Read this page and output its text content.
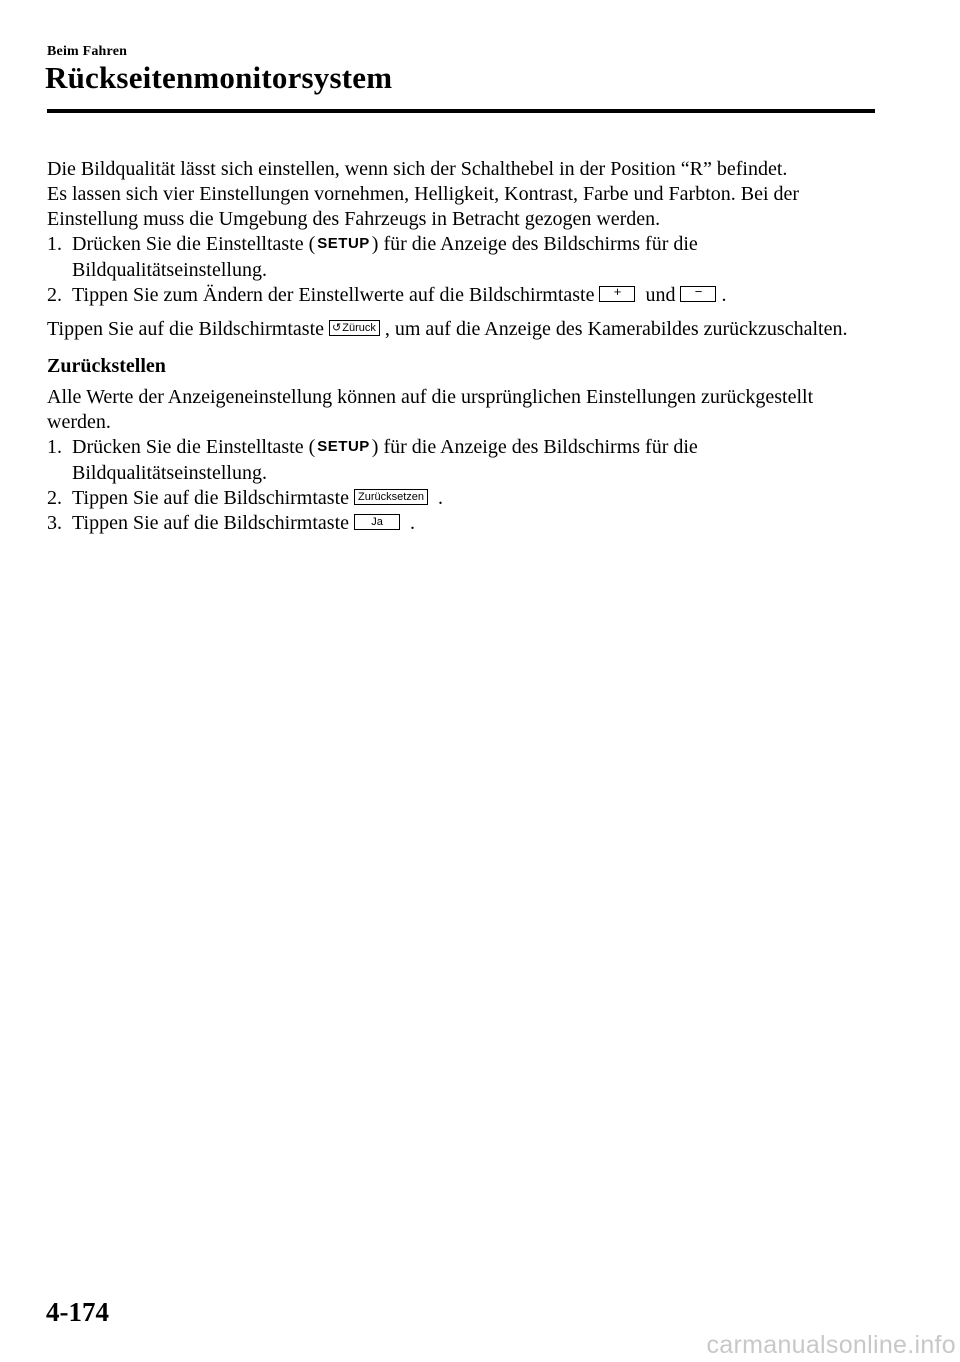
Beim Fahren
Rückseitenmonitorsystem

Die Bildqualität lässt sich einstellen, wenn sich der Schalthebel in der Position “R” befindet.

Es lassen sich vier Einstellungen vornehmen, Helligkeit, Kontrast, Farbe und Farbton. Bei der Einstellung muss die Umgebung des Fahrzeugs in Betracht gezogen werden.

1. Drücken Sie die Einstelltaste ( SETUP ) für die Anzeige des Bildschirms für die Bildqualitätseinstellung.
2. Tippen Sie zum Ändern der Einstellwerte auf die Bildschirmtaste + und − .

Tippen Sie auf die Bildschirmtaste ↺Züruck , um auf die Anzeige des Kamerabildes zurückzuschalten.

Zurückstellen

Alle Werte der Anzeigeneinstellung können auf die ursprünglichen Einstellungen zurückgestellt werden.

1. Drücken Sie die Einstelltaste ( SETUP ) für die Anzeige des Bildschirms für die Bildqualitätseinstellung.
2. Tippen Sie auf die Bildschirmtaste Zurücksetzen .
3. Tippen Sie auf die Bildschirmtaste Ja .
4-174
carmanualsonline.info
